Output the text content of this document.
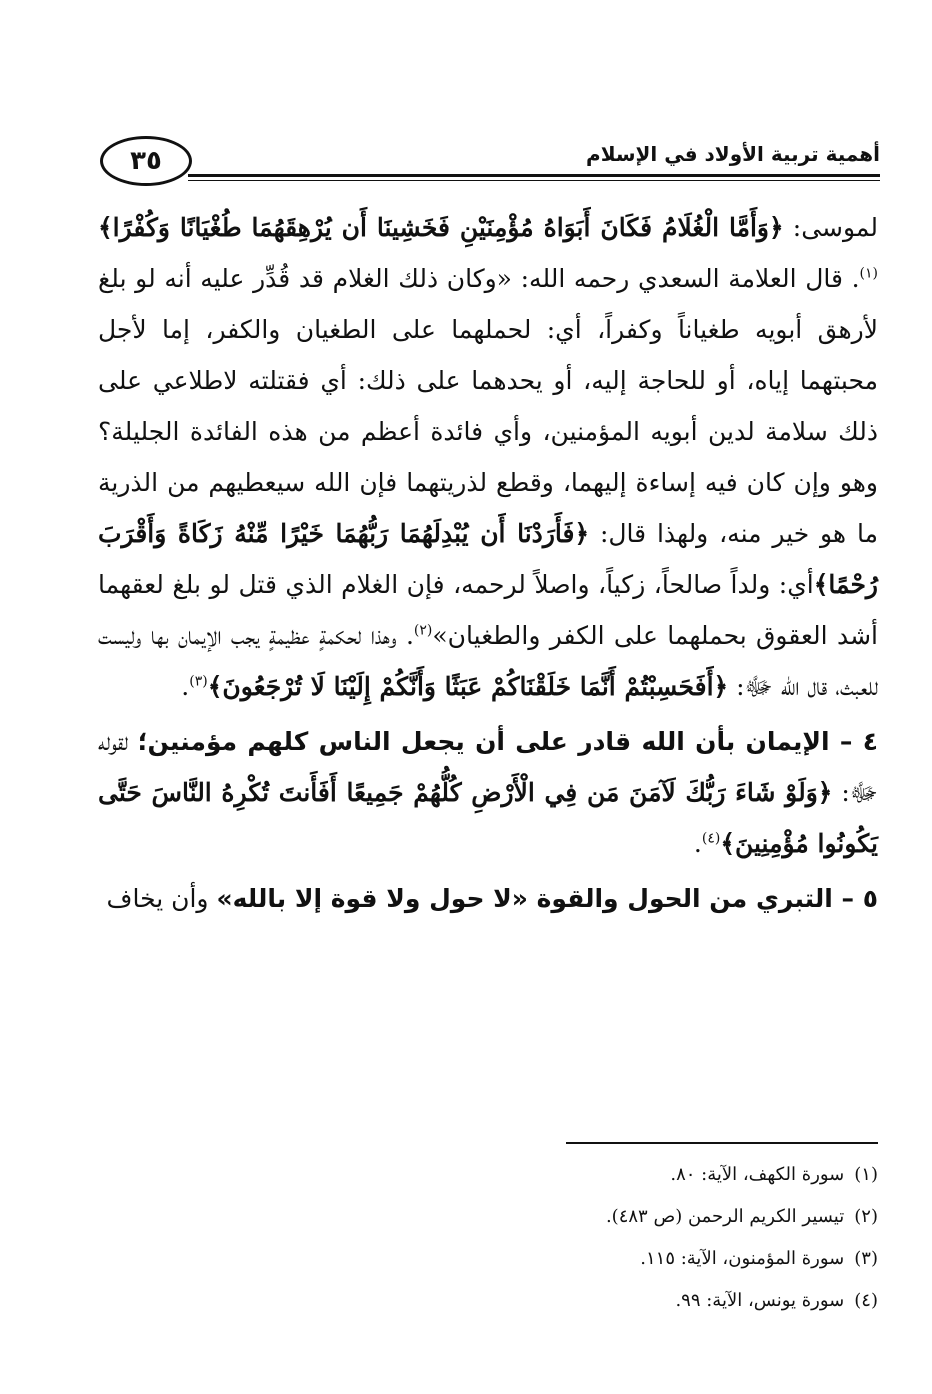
أهمية تربية الأولاد في الإسلام
٣٥

لموسى: ﴿وَأَمَّا الْغُلَامُ فَكَانَ أَبَوَاهُ مُؤْمِنَيْنِ فَخَشِينَا أَن يُرْهِقَهُمَا طُغْيَانًا وَكُفْرًا﴾$^{(١)}$. قال العلامة السعدي رحمه الله: «وكان ذلك الغلام قد قُدِّر عليه أنه لو بلغ لأرهق أبويه طغياناً وكفراً، أي: لحملهما على الطغيان والكفر، إما لأجل محبتهما إياه، أو للحاجة إليه، أو يحدهما على ذلك: أي فقتلته لاطلاعي على ذلك سلامة لدين أبويه المؤمنين، وأي فائدة أعظم من هذه الفائدة الجليلة؟ وهو وإن كان فيه إساءة إليهما، وقطع لذريتهما فإن الله سيعطيهم من الذرية ما هو خير منه، ولهذا قال: ﴿فَأَرَدْنَا أَن يُبْدِلَهُمَا رَبُّهُمَا خَيْرًا مِّنْهُ زَكَاةً وَأَقْرَبَ رُحْمًا﴾أي: ولداً صالحاً، زكياً، واصلاً لرحمه، فإن الغلام الذي قتل لو بلغ لعقهما أشد العقوق بحملهما على الكفر والطغيان»$^{(٢)}$. وهذا لحكمةٍ عظيمةٍ يجب الإيمان بها وليست للعبث، قال الله ﷻ: ﴿أَفَحَسِبْتُمْ أَنَّمَا خَلَقْنَاكُمْ عَبَثًا وَأَنَّكُمْ إِلَيْنَا لَا تُرْجَعُونَ﴾$^{(٣)}$.

٤ – الإيمان بأن الله قادر على أن يجعل الناس كلهم مؤمنين؛ لقوله ﷻ: ﴿وَلَوْ شَاءَ رَبُّكَ لَآمَنَ مَن فِي الْأَرْضِ كُلُّهُمْ جَمِيعًا أَفَأَنتَ تُكْرِهُ النَّاسَ حَتَّى يَكُونُوا مُؤْمِنِينَ﴾$^{(٤)}$.

٥ – التبري من الحول والقوة «لا حول ولا قوة إلا بالله» وأن يخاف

(١)سورة الكهف، الآية: ٨٠.
(٢)تيسير الكريم الرحمن (ص ٤٨٣).
(٣)سورة المؤمنون، الآية: ١١٥.
(٤)سورة يونس، الآية: ٩٩.
